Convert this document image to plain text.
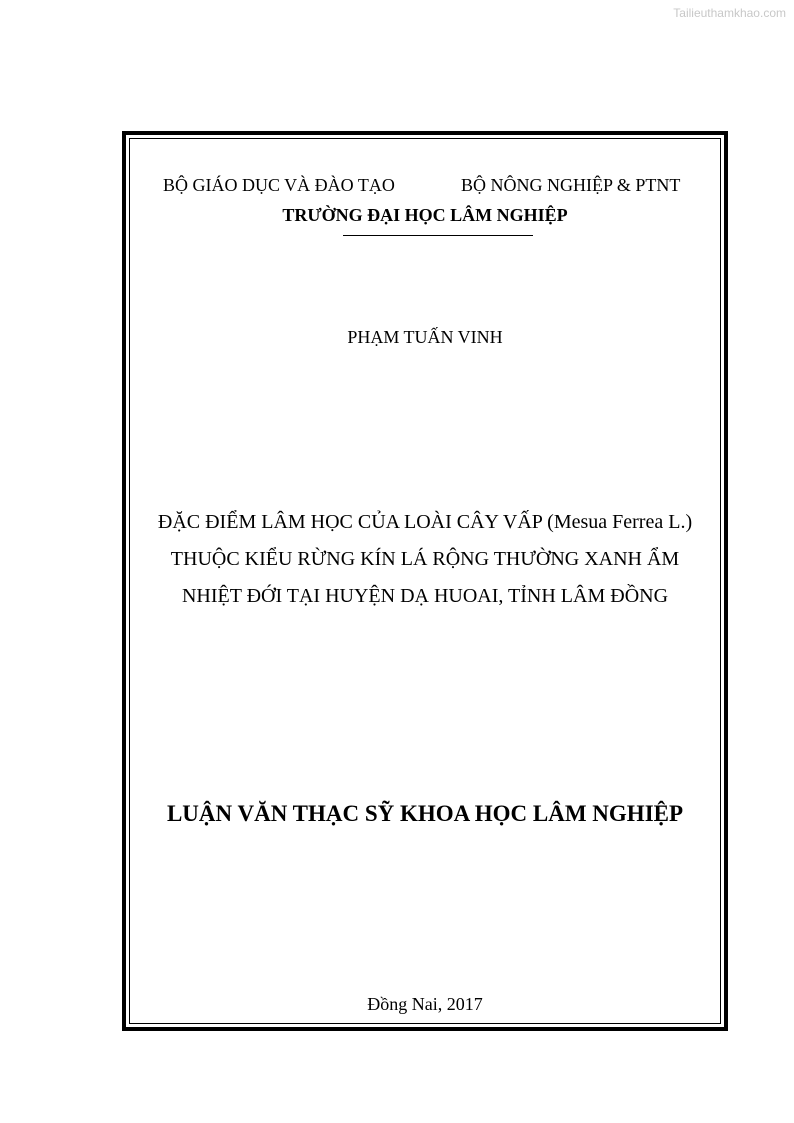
Tailieuthamkhao.com
BỘ GIÁO DỤC VÀ ĐÀO TẠO	BỘ NÔNG NGHIỆP & PTNT
TRƯỜNG ĐẠI HỌC LÂM NGHIỆP
PHẠM TUẤN VINH
ĐẶC ĐIỂM LÂM HỌC CỦA LOÀI CÂY VẤP (Mesua Ferrea L.)
THUỘC KIỂU RỪNG KÍN LÁ RỘNG THƯỜNG XANH ẨM
NHIỆT ĐỚI TẠI HUYỆN DẠ HUOAI, TỈNH LÂM ĐỒNG
LUẬN VĂN THẠC SỸ KHOA HỌC LÂM NGHIỆP
Đồng Nai, 2017
